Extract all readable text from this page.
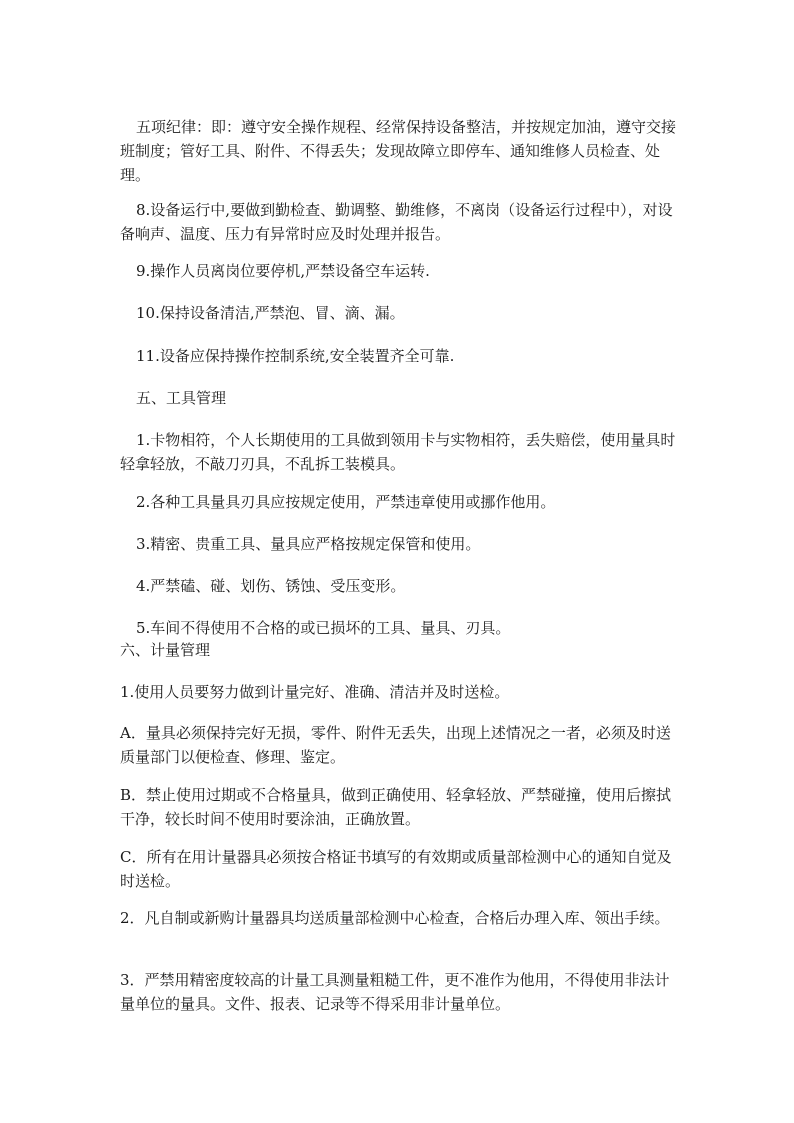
五项纪律：即：遵守安全操作规程、经常保持设备整洁，并按规定加油，遵守交接班制度；管好工具、附件、不得丢失；发现故障立即停车、通知维修人员检查、处理。

8.设备运行中,要做到勤检查、勤调整、勤维修，不离岗（设备运行过程中），对设备响声、温度、压力有异常时应及时处理并报告。

9.操作人员离岗位要停机,严禁设备空车运转.

10.保持设备清洁,严禁泡、冒、滴、漏。

11.设备应保持操作控制系统,安全装置齐全可靠.

五、工具管理

1.卡物相符，个人长期使用的工具做到领用卡与实物相符，丢失赔偿，使用量具时轻拿轻放，不敲刀刃具，不乱拆工装模具。

2.各种工具量具刃具应按规定使用，严禁违章使用或挪作他用。

3.精密、贵重工具、量具应严格按规定保管和使用。

4.严禁磕、碰、划伤、锈蚀、受压变形。

5.车间不得使用不合格的或已损坏的工具、量具、刃具。

六、计量管理

1.使用人员要努力做到计量完好、准确、清洁并及时送检。

A．量具必须保持完好无损，零件、附件无丢失，出现上述情况之一者，必须及时送质量部门以便检查、修理、鉴定。

B．禁止使用过期或不合格量具，做到正确使用、轻拿轻放、严禁碰撞，使用后擦拭干净，较长时间不使用时要涂油，正确放置。

C．所有在用计量器具必须按合格证书填写的有效期或质量部检测中心的通知自觉及时送检。

2．凡自制或新购计量器具均送质量部检测中心检查，合格后办理入库、领出手续。

3．严禁用精密度较高的计量工具测量粗糙工件，更不准作为他用，不得使用非法计量单位的量具。文件、报表、记录等不得采用非计量单位。
